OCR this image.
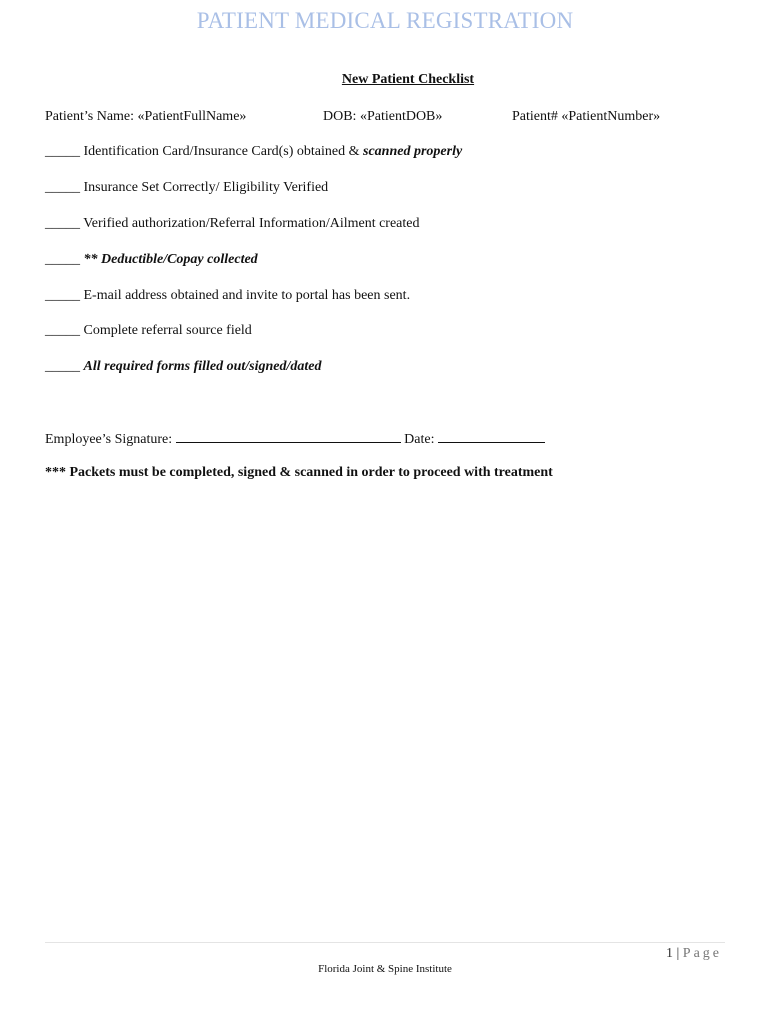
PATIENT MEDICAL REGISTRATION
New Patient Checklist
Patient’s Name: «PatientFullName»	DOB: «PatientDOB»	Patient# «PatientNumber»
_____ Identification Card/Insurance Card(s) obtained & scanned properly
_____ Insurance Set Correctly/ Eligibility Verified
_____ Verified authorization/Referral Information/Ailment created
_____ ** Deductible/Copay collected
_____ E-mail address obtained and invite to portal has been sent.
_____ Complete referral source field
_____ All required forms filled out/signed/dated
Employee’s Signature:	Date:
*** Packets must be completed, signed & scanned in order to proceed with treatment
1 | Page
Florida Joint & Spine Institute
